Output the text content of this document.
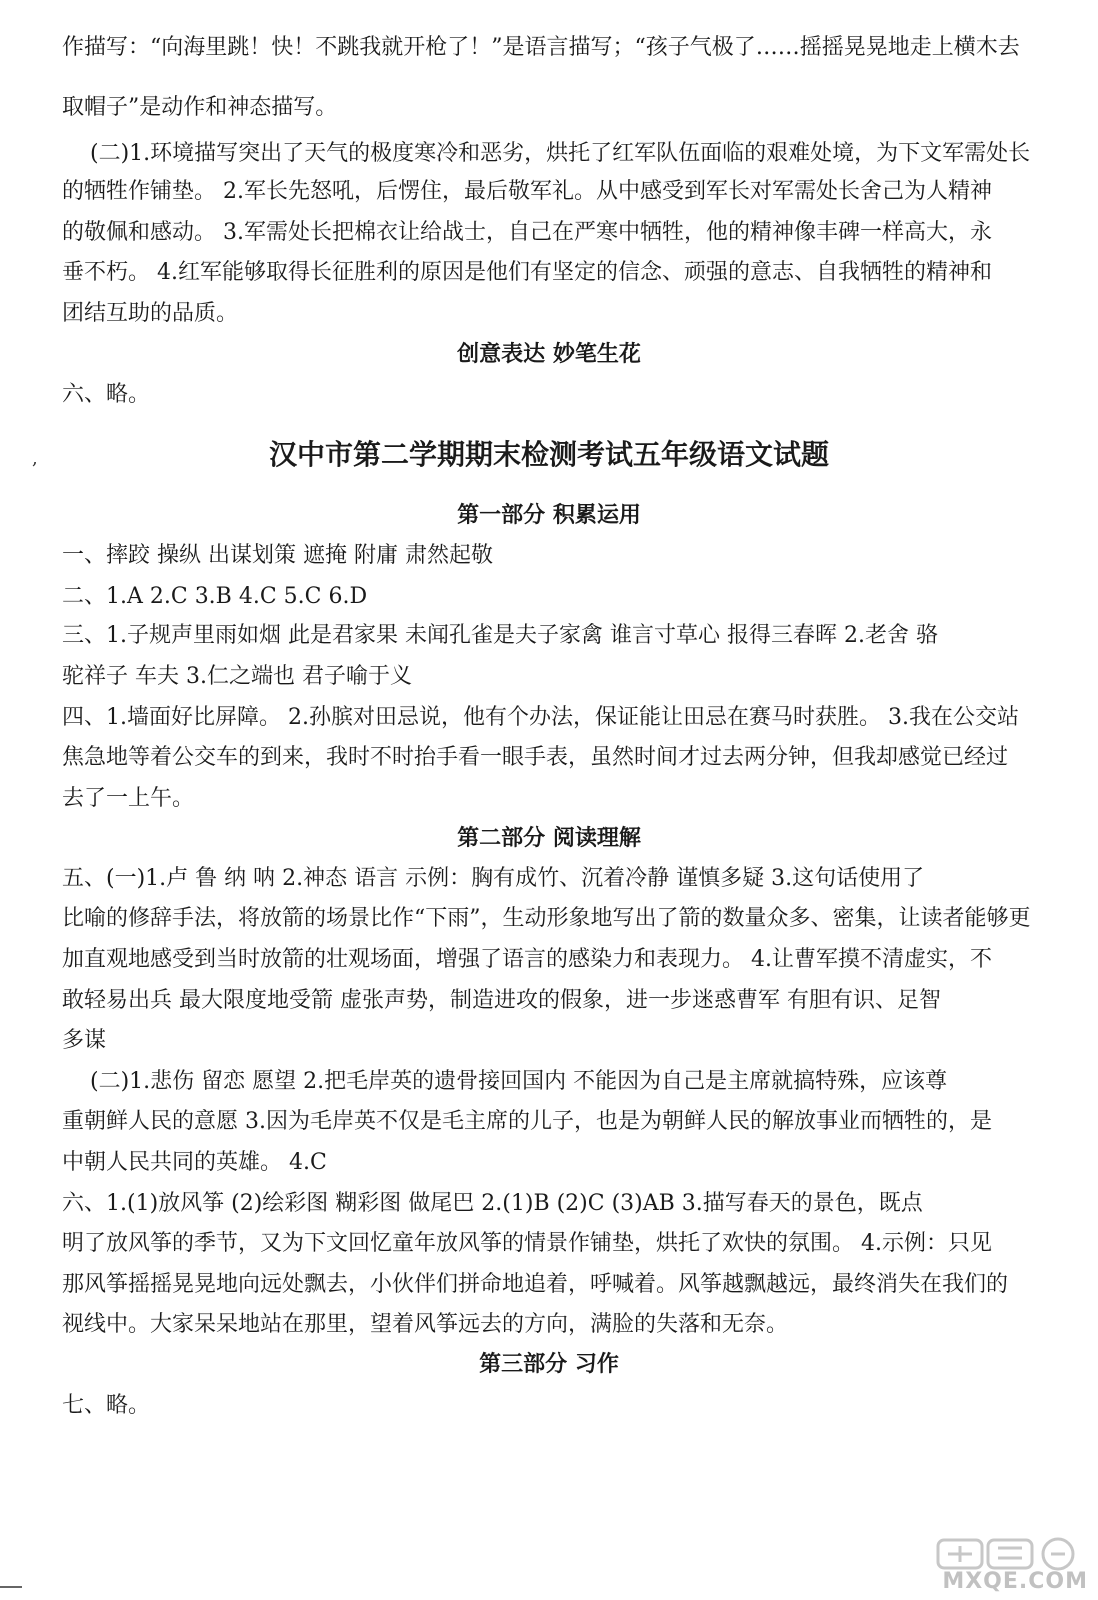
作描写：“向海里跳！快！不跳我就开枪了！”是语言描写；“孩子气极了……摇摇晃晃地走上横木去
取帽子”是动作和神态描写。
(二)1.环境描写突出了天气的极度寒冷和恶劣，烘托了红军队伍面临的艰难处境，为下文军需处长
的牺牲作铺垫。 2.军长先怒吼，后愣住，最后敬军礼。从中感受到军长对军需处长舍己为人精神
的敬佩和感动。 3.军需处长把棉衣让给战士，自己在严寒中牺牲，他的精神像丰碑一样高大，永
垂不朽。 4.红军能够取得长征胜利的原因是他们有坚定的信念、顽强的意志、自我牺牲的精神和
团结互助的品质。
创意表达 妙笔生花
六、略。
,	汉中市第二学期期末检测考试五年级语文试题
第一部分 积累运用
一、摔跤 操纵 出谋划策 遮掩 附庸 肃然起敬
二、1.A 2.C 3.B 4.C 5.C 6.D
三、1.子规声里雨如烟 此是君家果 未闻孔雀是夫子家禽 谁言寸草心 报得三春晖 2.老舍 骆
驼祥子 车夫 3.仁之端也 君子喻于义
四、1.墙面好比屏障。 2.孙膑对田忌说，他有个办法，保证能让田忌在赛马时获胜。 3.我在公交站
焦急地等着公交车的到来，我时不时抬手看一眼手表，虽然时间才过去两分钟，但我却感觉已经过
去了一上午。
第二部分 阅读理解
五、(一)1.卢 鲁 纳 呐 2.神态 语言 示例：胸有成竹、沉着冷静 谨慎多疑 3.这句话使用了
比喻的修辞手法，将放箭的场景比作“下雨”，生动形象地写出了箭的数量众多、密集，让读者能够更
加直观地感受到当时放箭的壮观场面，增强了语言的感染力和表现力。 4.让曹军摸不清虚实，不
敢轻易出兵 最大限度地受箭 虚张声势，制造进攻的假象，进一步迷惑曹军 有胆有识、足智
多谋
(二)1.悲伤 留恋 愿望 2.把毛岸英的遗骨接回国内 不能因为自己是主席就搞特殊，应该尊
重朝鲜人民的意愿 3.因为毛岸英不仅是毛主席的儿子，也是为朝鲜人民的解放事业而牺牲的，是
中朝人民共同的英雄。 4.C
六、1.(1)放风筝 (2)绘彩图 糊彩图 做尾巴 2.(1)B (2)C (3)AB 3.描写春天的景色，既点
明了放风筝的季节，又为下文回忆童年放风筝的情景作铺垫，烘托了欢快的氛围。 4.示例：只见
那风筝摇摇晃晃地向远处飘去，小伙伴们拼命地追着，呼喊着。风筝越飘越远，最终消失在我们的
视线中。大家呆呆地站在那里，望着风筝远去的方向，满脸的失落和无奈。
第三部分 习作
七、略。
MXQE.COM
